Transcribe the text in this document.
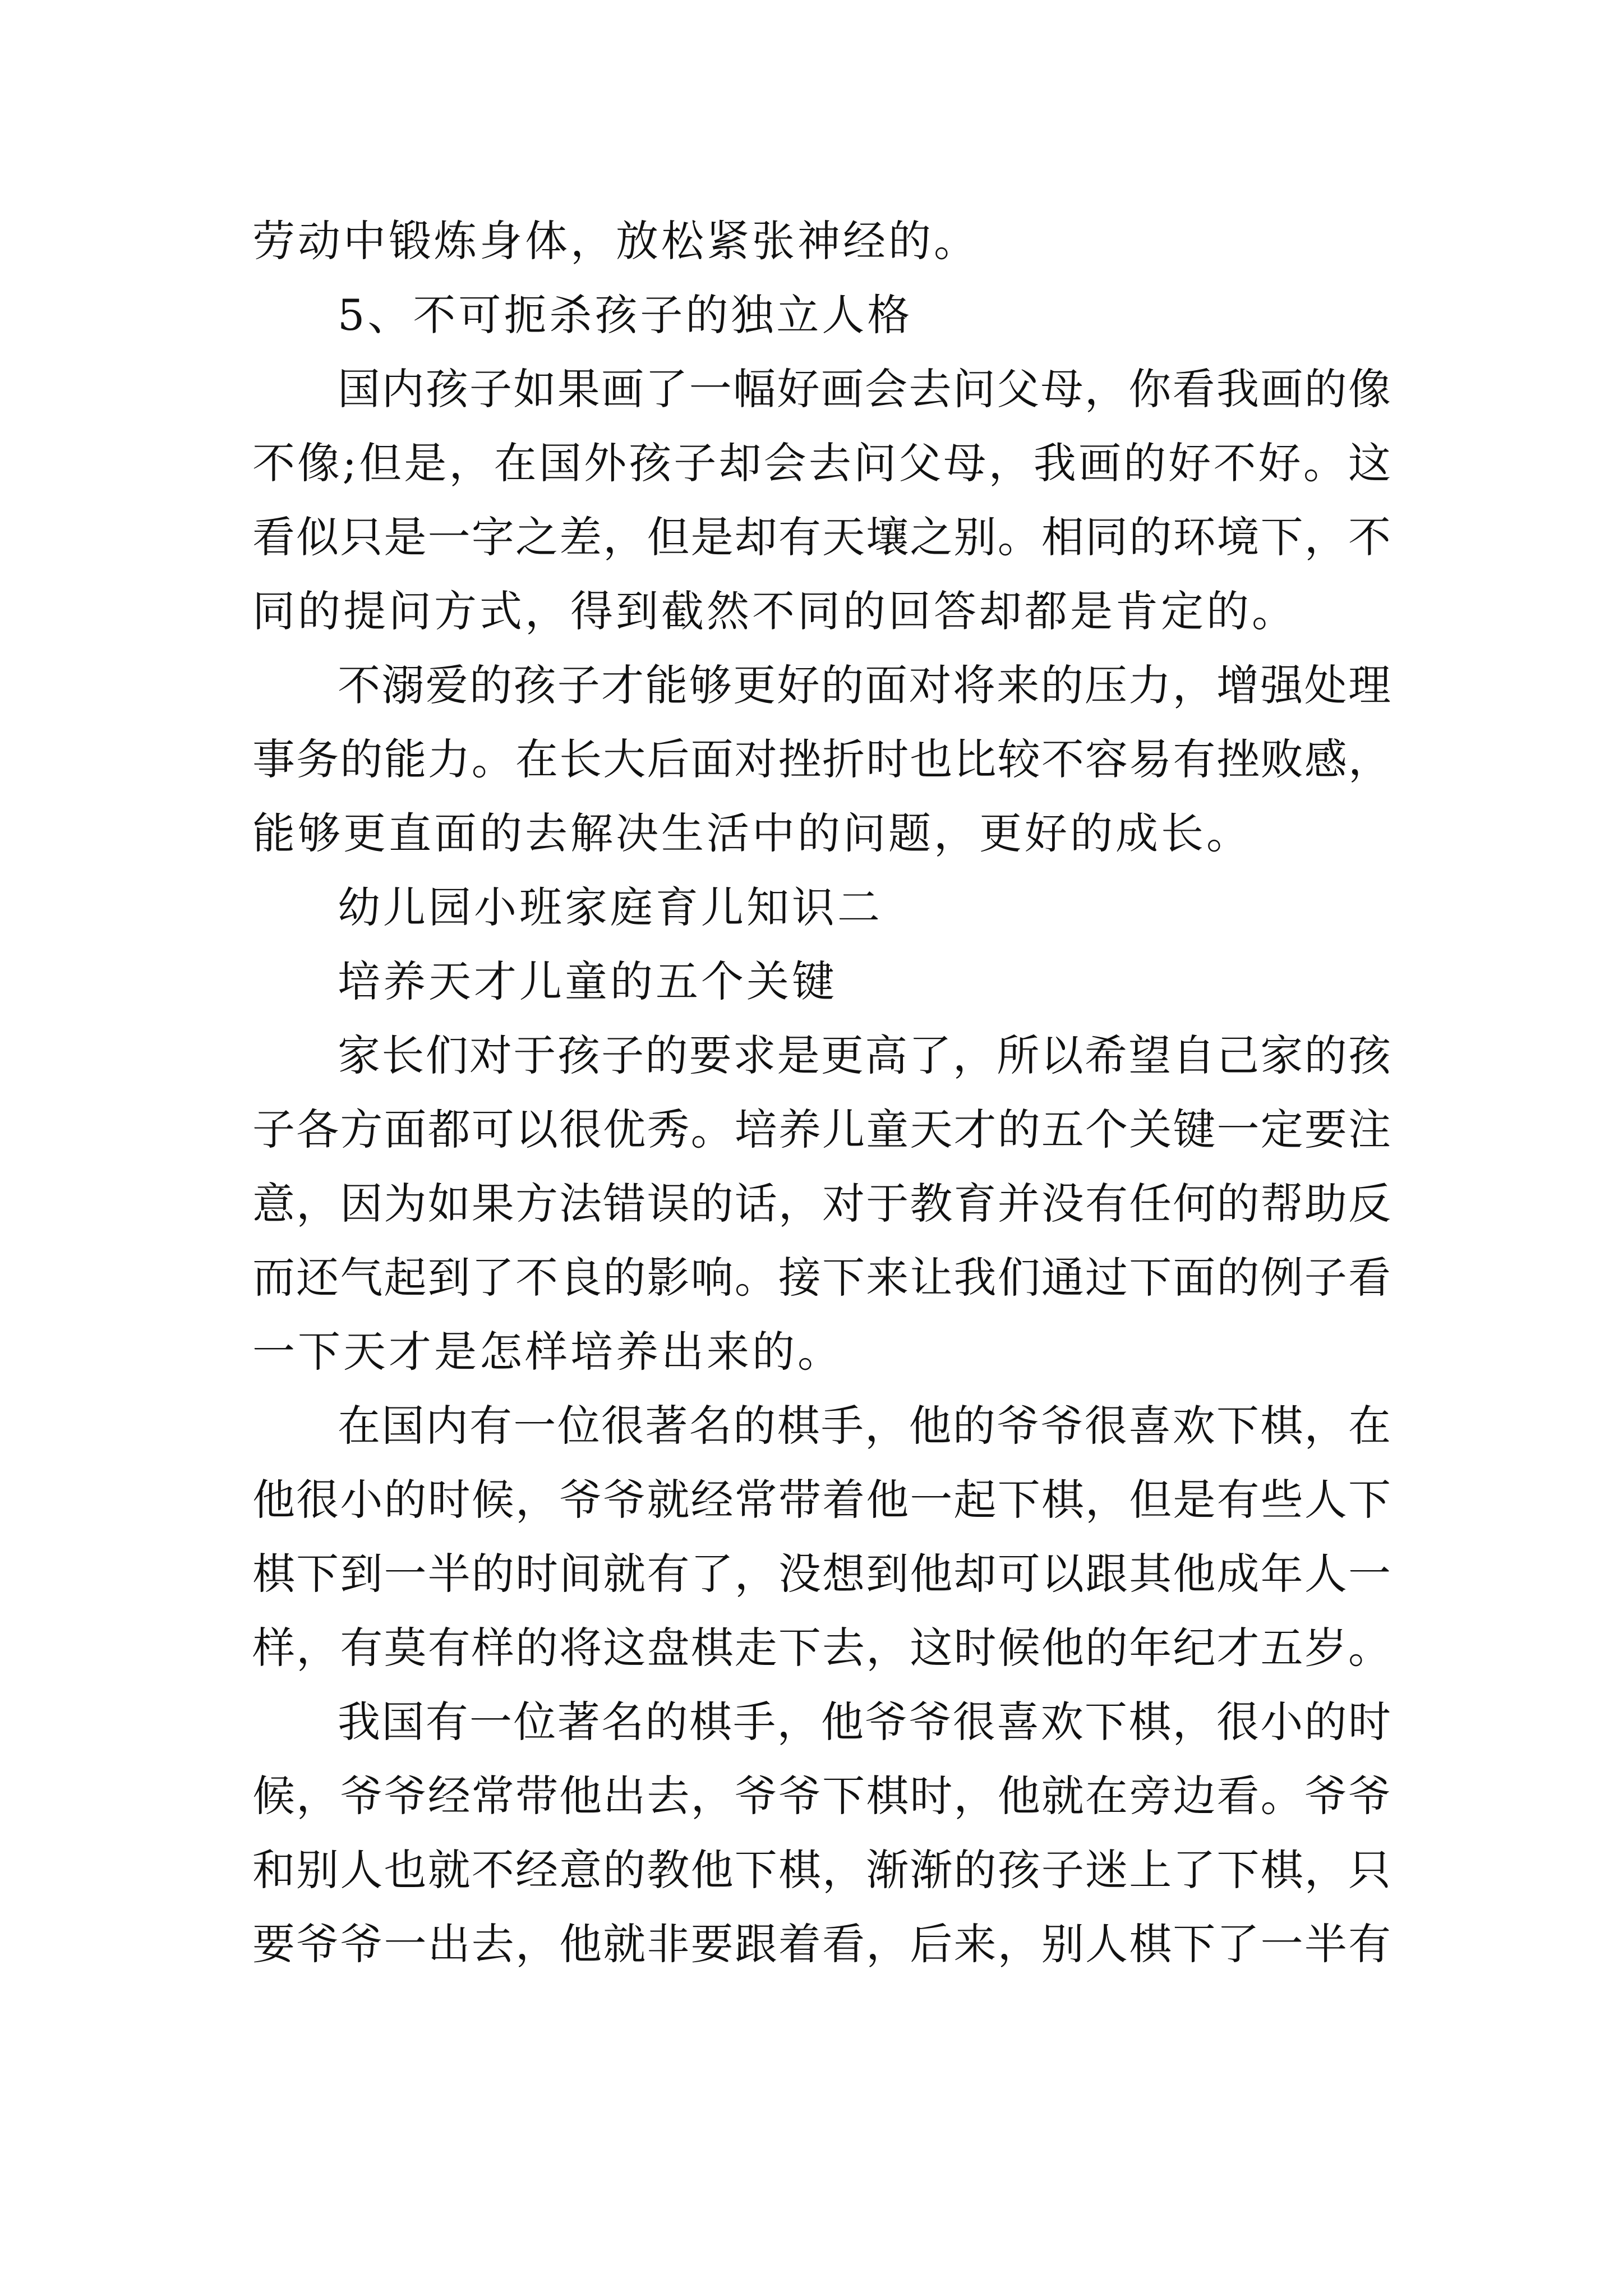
劳动中锻炼身体，放松紧张神经的。
5、不可扼杀孩子的独立人格
国内孩子如果画了一幅好画会去问父母，你看我画的像
不像;但是，在国外孩子却会去问父母，我画的好不好。这
看似只是一字之差，但是却有天壤之别。相同的环境下，不
同的提问方式，得到截然不同的回答却都是肯定的。
不溺爱的孩子才能够更好的面对将来的压力，增强处理
事务的能力。在长大后面对挫折时也比较不容易有挫败感，
能够更直面的去解决生活中的问题，更好的成长。
幼儿园小班家庭育儿知识二
培养天才儿童的五个关键
家长们对于孩子的要求是更高了，所以希望自己家的孩
子各方面都可以很优秀。培养儿童天才的五个关键一定要注
意，因为如果方法错误的话，对于教育并没有任何的帮助反
而还气起到了不良的影响。接下来让我们通过下面的例子看
一下天才是怎样培养出来的。
在国内有一位很著名的棋手，他的爷爷很喜欢下棋，在
他很小的时候，爷爷就经常带着他一起下棋，但是有些人下
棋下到一半的时间就有了，没想到他却可以跟其他成年人一
样，有莫有样的将这盘棋走下去，这时候他的年纪才五岁。
我国有一位著名的棋手，他爷爷很喜欢下棋，很小的时
候，爷爷经常带他出去，爷爷下棋时，他就在旁边看。爷爷
和别人也就不经意的教他下棋，渐渐的孩子迷上了下棋，只
要爷爷一出去，他就非要跟着看，后来，别人棋下了一半有
